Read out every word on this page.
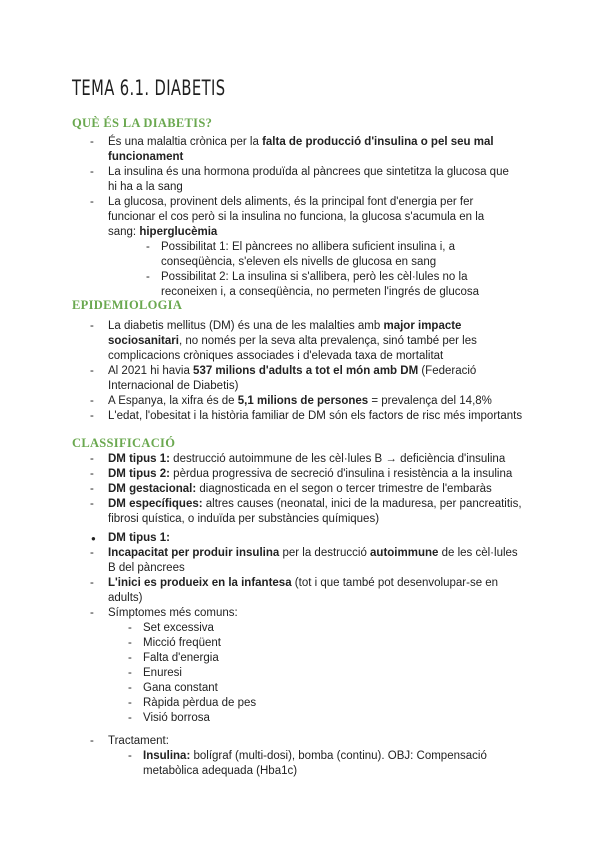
TEMA 6.1. DIABETIS
QUÈ ÉS LA DIABETIS?
- És una malaltia crònica per la falta de producció d'insulina o pel seu mal funcionament
- La insulina és una hormona produïda al pàncrees que sintetitza la glucosa que hi ha a la sang
- La glucosa, provinent dels aliments, és la principal font d'energia per fer funcionar el cos però si la insulina no funciona, la glucosa s'acumula en la sang: hiperglucèmia
- Possibilitat 1: El pàncrees no allibera suficient insulina i, a conseqüència, s'eleven els nivells de glucosa en sang
- Possibilitat 2: La insulina si s'allibera, però les cèl·lules no la reconeixen i, a conseqüència, no permeten l'ingrés de glucosa
EPIDEMIOLOGIA
- La diabetis mellitus (DM) és una de les malalties amb major impacte sociosanitari, no només per la seva alta prevalença, sinó també per les complicacions cròniques associades i d'elevada taxa de mortalitat
- Al 2021 hi havia 537 milions d'adults a tot el món amb DM (Federació Internacional de Diabetis)
- A Espanya, la xifra és de 5,1 milions de persones = prevalença del 14,8%
- L'edat, l'obesitat i la història familiar de DM són els factors de risc més importants
CLASSIFICACIÓ
- DM tipus 1: destrucció autoimmune de les cèl·lules B → deficiència d'insulina
- DM tipus 2: pèrdua progressiva de secreció d'insulina i resistència a la insulina
- DM gestacional: diagnosticada en el segon o tercer trimestre de l'embaràs
- DM específiques: altres causes (neonatal, inici de la maduresa, per pancreatitis, fibrosi quística, o induïda per substàncies químiques)
● DM tipus 1:
- Incapacitat per produir insulina per la destrucció autoimmune de les cèl·lules B del pàncrees
- L'inici es produeix en la infantesa (tot i que també pot desenvolupar-se en adults)
- Símptomes més comuns:
- Set excessiva
- Micció freqüent
- Falta d'energia
- Enuresi
- Gana constant
- Ràpida pèrdua de pes
- Visió borrosa
- Tractament:
- Insulina: bolígraf (multi-dosi), bomba (continu). OBJ: Compensació metabòlica adequada (Hba1c)
